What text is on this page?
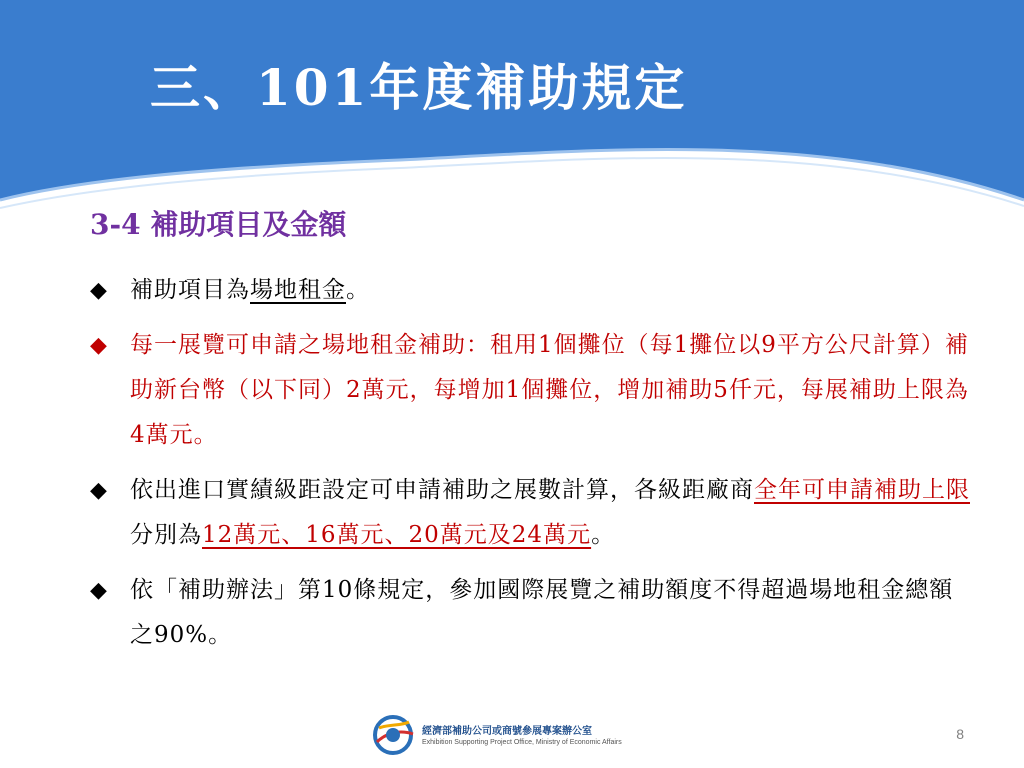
三、101年度補助規定
3-4 補助項目及金額
◆ 補助項目為場地租金。
◆ 每一展覽可申請之場地租金補助：租用1個攤位（每1攤位以9平方公尺計算）補助新台幣（以下同）2萬元，每增加1個攤位，增加補助5仟元，每展補助上限為4萬元。
◆ 依出進口實績級距設定可申請補助之展數計算，各級距廠商全年可申請補助上限分別為12萬元、16萬元、20萬元及24萬元。
◆ 依「補助辦法」第10條規定，參加國際展覽之補助額度不得超過場地租金總額之90%。
經濟部補助公司或商號參展專案辦公室
Exhibition Supporting Project Office, Ministry of Economic Affairs
8
